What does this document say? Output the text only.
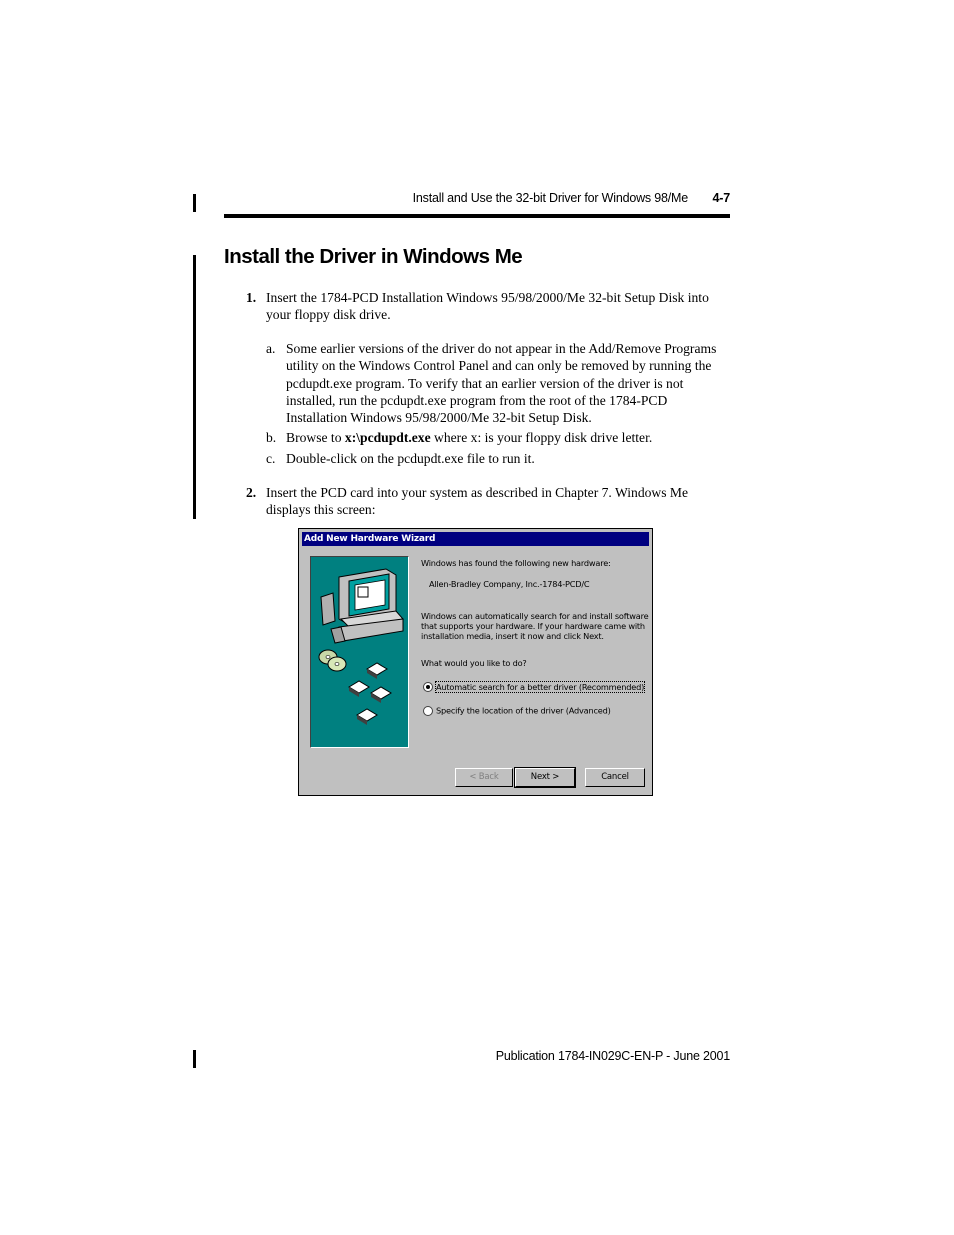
Install and Use the 32-bit Driver for Windows 98/Me 4-7
Install the Driver in Windows Me
1. Insert the 1784-PCD Installation Windows 95/98/2000/Me 32-bit Setup Disk into your floppy disk drive.
a. Some earlier versions of the driver do not appear in the Add/Remove Programs utility on the Windows Control Panel and can only be removed by running the pcdupdt.exe program. To verify that an earlier version of the driver is not installed, run the pcdupdt.exe program from the root of the 1784-PCD Installation Windows 95/98/2000/Me 32-bit Setup Disk.
b. Browse to x:\pcdupdt.exe where x: is your floppy disk drive letter.
c. Double-click on the pcdupdt.exe file to run it.
2. Insert the PCD card into your system as described in Chapter 7. Windows Me displays this screen:
Add New Hardware Wizard
Windows has found the following new hardware:
Allen-Bradley Company, Inc.-1784-PCD/C
Windows can automatically search for and install software that supports your hardware. If your hardware came with installation media, insert it now and click Next.
What would you like to do?
Automatic search for a better driver (Recommended)
Specify the location of the driver (Advanced)
< Back	Next >	Cancel
Publication 1784-IN029C-EN-P - June 2001
